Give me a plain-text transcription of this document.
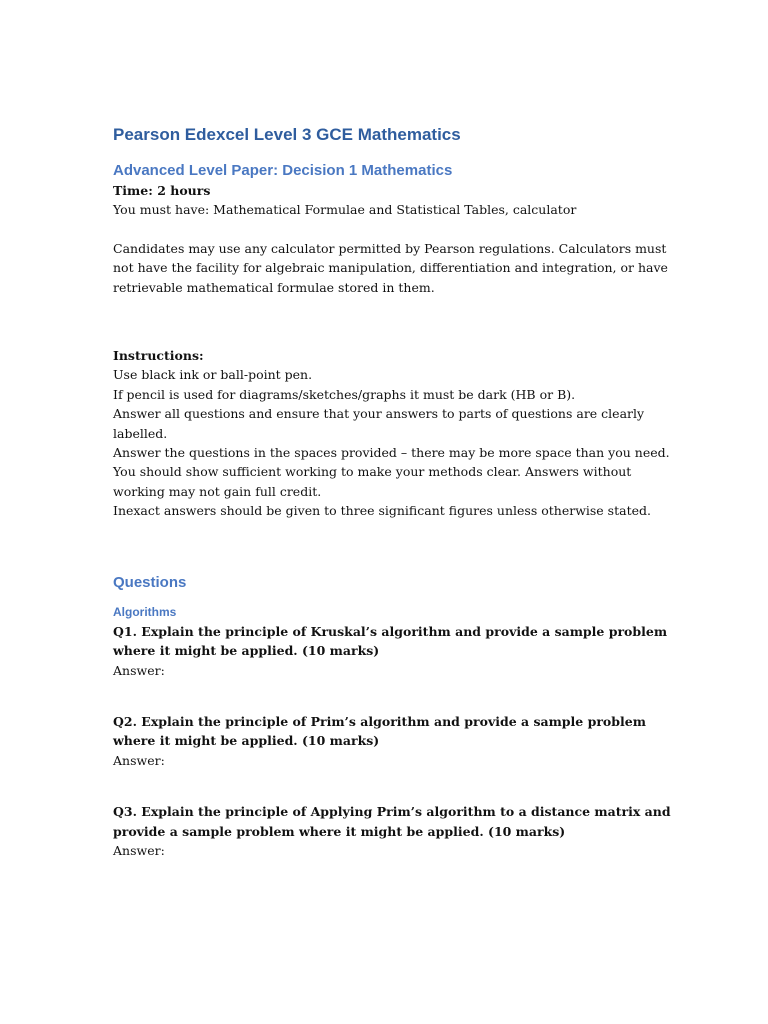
Pearson Edexcel Level 3 GCE Mathematics
Advanced Level Paper: Decision 1 Mathematics

Time: 2 hours

You must have: Mathematical Formulae and Statistical Tables, calculator

Candidates may use any calculator permitted by Pearson regulations. Calculators must not have the facility for algebraic manipulation, differentiation and integration, or have retrievable mathematical formulae stored in them.

Instructions:

Use black ink or ball-point pen.

If pencil is used for diagrams/sketches/graphs it must be dark (HB or B).

Answer all questions and ensure that your answers to parts of questions are clearly labelled.

Answer the questions in the spaces provided – there may be more space than you need.

You should show sufficient working to make your methods clear. Answers without working may not gain full credit.

Inexact answers should be given to three significant figures unless otherwise stated.

Questions
Algorithms

Q1. Explain the principle of Kruskal’s algorithm and provide a sample problem where it might be applied. (10 marks)

Answer:

Q2. Explain the principle of Prim’s algorithm and provide a sample problem where it might be applied. (10 marks)

Answer:

Q3. Explain the principle of Applying Prim’s algorithm to a distance matrix and provide a sample problem where it might be applied. (10 marks)

Answer:
